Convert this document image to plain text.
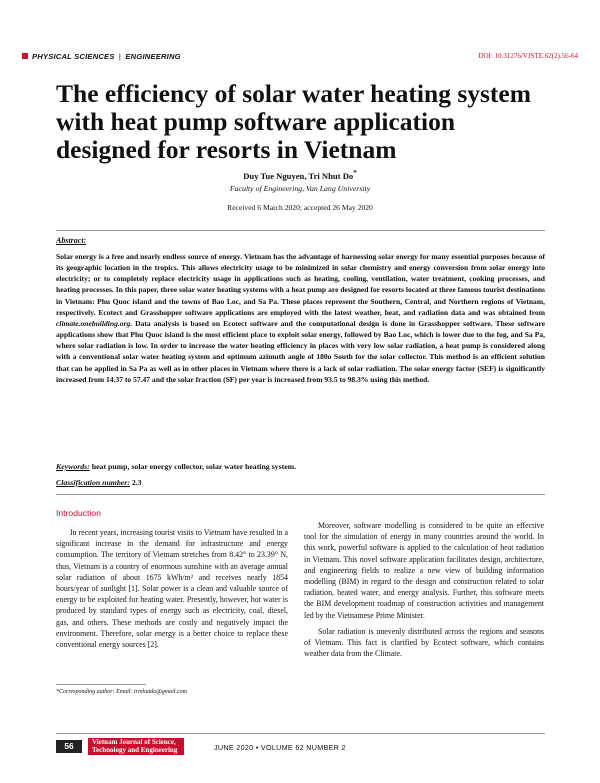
PHYSICAL SCIENCES | ENGINEERING	DOI: 10.31276/VJSTE.62(2).56-64
The efficiency of solar water heating system with heat pump software application designed for resorts in Vietnam
Duy Tue Nguyen, Tri Nhut Do*
Faculty of Engineering, Van Lang University
Received 6 March 2020; accepted 26 May 2020
Abstract:

Solar energy is a free and nearly endless source of energy. Vietnam has the advantage of harnessing solar energy for many essential purposes because of its geographic location in the tropics. This allows electricity usage to be minimized in solar chemistry and energy conversion from solar energy into electricity; or to completely replace electricity usage in applications such as heating, cooling, ventilation, water treatment, cooking processes, and heating processes. In this paper, three solar water heating systems with a heat pump are designed for resorts located at three famous tourist destinations in Vietnam: Phu Quoc island and the towns of Bao Loc, and Sa Pa. These places represent the Southern, Central, and Northern regions of Vietnam, respectively. Ecotect and Grasshopper software applications are employed with the latest weather, heat, and radiation data and was obtained from climate.onebuilding.org. Data analysis is based on Ecotect software and the computational design is done in Grasshopper software. These software applications show that Phu Quoc island is the most efficient place to exploit solar energy, followed by Bao Loc, which is lower due to the fog, and Sa Pa, where solar radiation is low. In order to increase the water heating efficiency in places with very low solar radiation, a heat pump is considered along with a conventional solar water heating system and optimum azimuth angle of 180o South for the solar collector. This method is an efficient solution that can be applied in Sa Pa as well as in other places in Vietnam where there is a lack of solar radiation. The solar energy factor (SEF) is significantly increased from 14.37 to 57.47 and the solar fraction (SF) per year is increased from 93.5 to 98.3% using this method.

Keywords: heat pump, solar energy collector, solar water heating system.
Classification number: 2.3
Introduction

In recent years, increasing tourist visits to Vietnam have resulted in a significant increase in the demand for infrastructure and energy consumption. The territory of Vietnam stretches from 8.42° to 23.39° N, thus, Vietnam is a country of enormous sunshine with an average annual solar radiation of about 1675 kWh/m² and receives nearly 1854 hours/year of sunlight [1]. Solar power is a clean and valuable source of energy to be exploited for heating water. Presently, however, hot water is produced by standard types of energy such as electricity, coal, diesel, gas, and others. These methods are costly and negatively impact the environment. Therefore, solar energy is a better choice to replace these conventional energy sources [2].

Moreover, software modelling is considered to be quite an effective tool for the simulation of energy in many countries around the world. In this work, powerful software is applied to the calculation of heat radiation in Vietnam. This novel software application facilitates design, architecture, and engineering fields to realize a new view of building information modelling (BIM) in regard to the design and construction related to solar radiation, heated water, and energy analysis. Further, this software meets the BIM development roadmap of construction activities and management led by the Vietnamese Prime Minister.

Solar radiation is unevenly distributed across the regions and seasons of Vietnam. This fact is clarified by Ecotect software, which contains weather data from the Climate.

*Corresponding author: Email: trinhutdo@gmail.com
56	Vietnam Journal of Science,
Technology and Engineering	JUNE 2020 • VOLUME 62 NUMBER 2
